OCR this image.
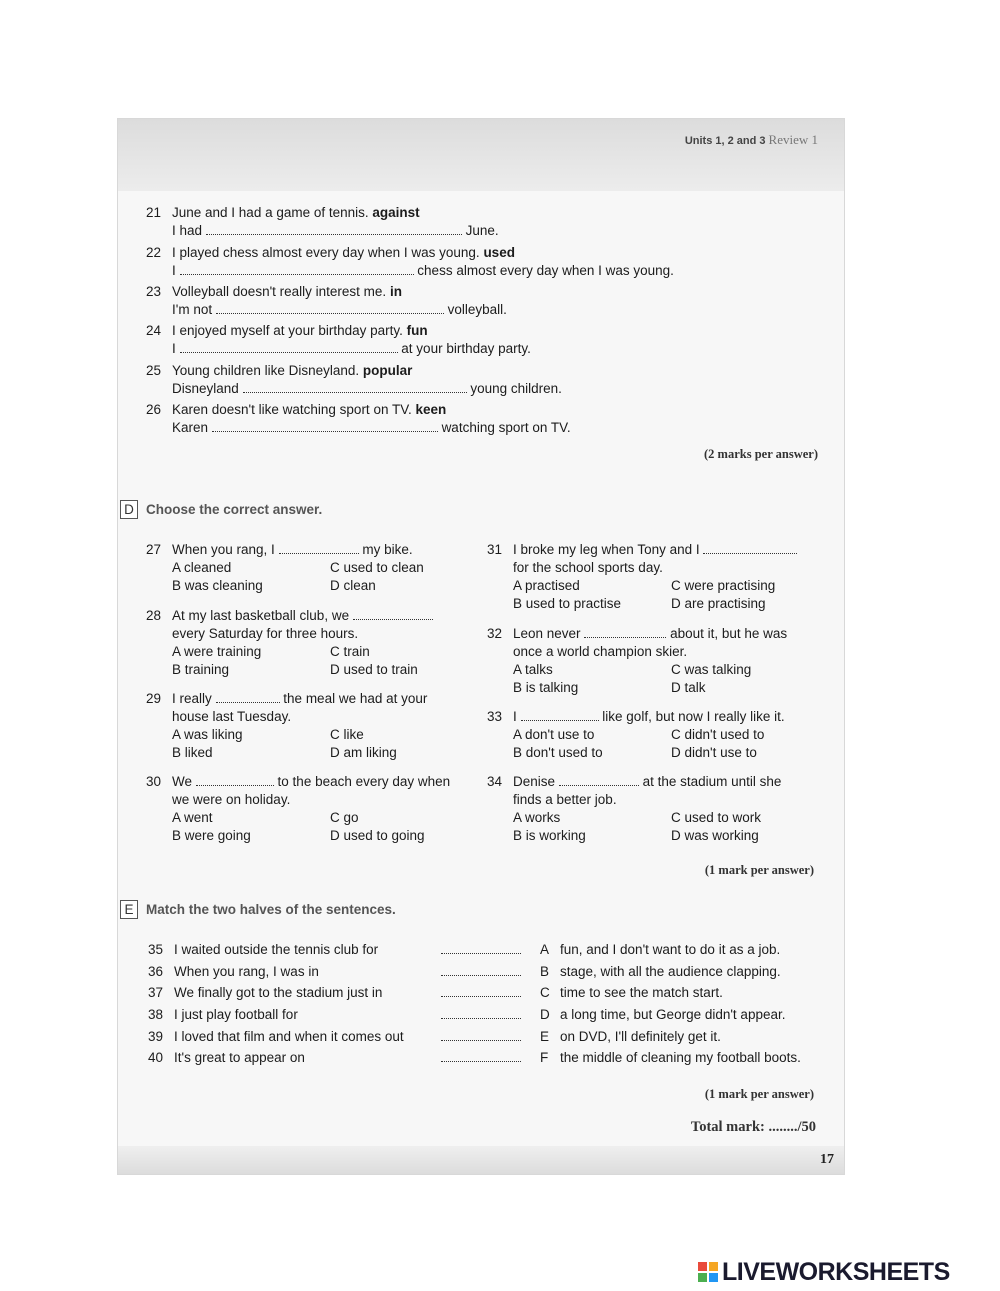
Units 1, 2 and 3 Review 1
21 June and I had a game of tennis. against
I had	June.
22 I played chess almost every day when I was young. used
I	chess almost every day when I was young.
23 Volleyball doesn't really interest me. in
I'm not	volleyball.
24 I enjoyed myself at your birthday party. fun
I	at your birthday party.
25 Young children like Disneyland. popular
Disneyland	young children.
26 Karen doesn't like watching sport on TV. keen
Karen	watching sport on TV.
(2 marks per answer)
D Choose the correct answer.
27 When you rang, I	my bike.
A cleaned	C used to clean
B was cleaning	D clean
28 At my last basketball club, we
every Saturday for three hours.
A were training	C train
B training	D used to train
29 I really	the meal we had at your
house last Tuesday.
A was liking	C like
B liked	D am liking
30 We	to the beach every day when
we were on holiday.
A went	C go
B were going	D used to going
31 I broke my leg when Tony and I
for the school sports day.
A practised	C were practising
B used to practise	D are practising
32 Leon never	about it, but he was
once a world champion skier.
A talks	C was talking
B is talking	D talk
33 I	like golf, but now I really like it.
A don't use to	C didn't used to
B don't used to	D didn't use to
34 Denise	at the stadium until she
finds a better job.
A works	C used to work
B is working	D was working
(1 mark per answer)
E Match the two halves of the sentences.
35 I waited outside the tennis club for	A fun, and I don't want to do it as a job.
36 When you rang, I was in	B stage, with all the audience clapping.
37 We finally got to the stadium just in	C time to see the match start.
38 I just play football for	D a long time, but George didn't appear.
39 I loved that film and when it comes out	E on DVD, I'll definitely get it.
40 It's great to appear on	F the middle of cleaning my football boots.
(1 mark per answer)
Total mark: ......../50
17
LIVEWORKSHEETS
